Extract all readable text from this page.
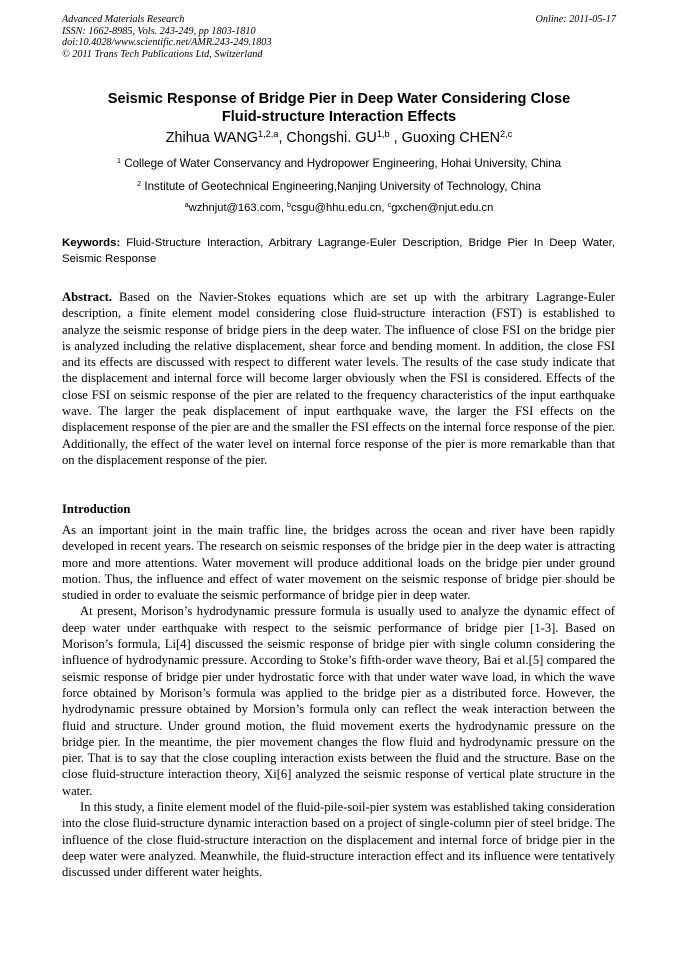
Advanced Materials Research
ISSN: 1662-8985, Vols. 243-249, pp 1803-1810
doi:10.4028/www.scientific.net/AMR.243-249.1803
© 2011 Trans Tech Publications Ltd, Switzerland
Online: 2011-05-17
Seismic Response of Bridge Pier in Deep Water Considering Close
Fluid-structure Interaction Effects
Zhihua WANG$^{1,2,a}$, Chongshi. GU$^{1,b}$ , Guoxing CHEN$^{2,c}$
$^1$ College of Water Conservancy and Hydropower Engineering, Hohai University, China
$^2$ Institute of Geotechnical Engineering,Nanjing University of Technology, China
$^a$wzhnjut@163.com, $^b$csgu@hhu.edu.cn, $^c$gxchen@njut.edu.cn
Keywords: Fluid-Structure Interaction, Arbitrary Lagrange-Euler Description, Bridge Pier In Deep Water, Seismic Response

Abstract. Based on the Navier-Stokes equations which are set up with the arbitrary Lagrange-Euler description, a finite element model considering close fluid-structure interaction (FST) is established to analyze the seismic response of bridge piers in the deep water. The influence of close FSI on the bridge pier is analyzed including the relative displacement, shear force and bending moment. In addition, the close FSI and its effects are discussed with respect to different water levels. The results of the case study indicate that the displacement and internal force will become larger obviously when the FSI is considered. Effects of the close FSI on seismic response of the pier are related to the frequency characteristics of the input earthquake wave. The larger the peak displacement of input earthquake wave, the larger the FSI effects on the displacement response of the pier are and the smaller the FSI effects on the internal force response of the pier. Additionally, the effect of the water level on internal force response of the pier is more remarkable than that on the displacement response of the pier.

Introduction

As an important joint in the main traffic line, the bridges across the ocean and river have been rapidly developed in recent years. The research on seismic responses of the bridge pier in the deep water is attracting more and more attentions. Water movement will produce additional loads on the bridge pier under ground motion. Thus, the influence and effect of water movement on the seismic response of bridge pier should be studied in order to evaluate the seismic performance of bridge pier in deep water.

At present, Morison’s hydrodynamic pressure formula is usually used to analyze the dynamic effect of deep water under earthquake with respect to the seismic performance of bridge pier [1-3]. Based on Morison’s formula, Li[4] discussed the seismic response of bridge pier with single column considering the influence of hydrodynamic pressure. According to Stoke’s fifth-order wave theory, Bai et al.[5] compared the seismic response of bridge pier under hydrostatic force with that under water wave load, in which the wave force obtained by Morison’s formula was applied to the bridge pier as a distributed force. However, the hydrodynamic pressure obtained by Morsion’s formula only can reflect the weak interaction between the fluid and structure. Under ground motion, the fluid movement exerts the hydrodynamic pressure on the bridge pier. In the meantime, the pier movement changes the flow fluid and hydrodynamic pressure on the pier. That is to say that the close coupling interaction exists between the fluid and the structure. Base on the close fluid-structure interaction theory, Xi[6] analyzed the seismic response of vertical plate structure in the water.

In this study, a finite element model of the fluid-pile-soil-pier system was established taking consideration into the close fluid-structure dynamic interaction based on a project of single-column pier of steel bridge. The influence of the close fluid-structure interaction on the displacement and internal force of bridge pier in the deep water were analyzed. Meanwhile, the fluid-structure interaction effect and its influence were tentatively discussed under different water heights.
